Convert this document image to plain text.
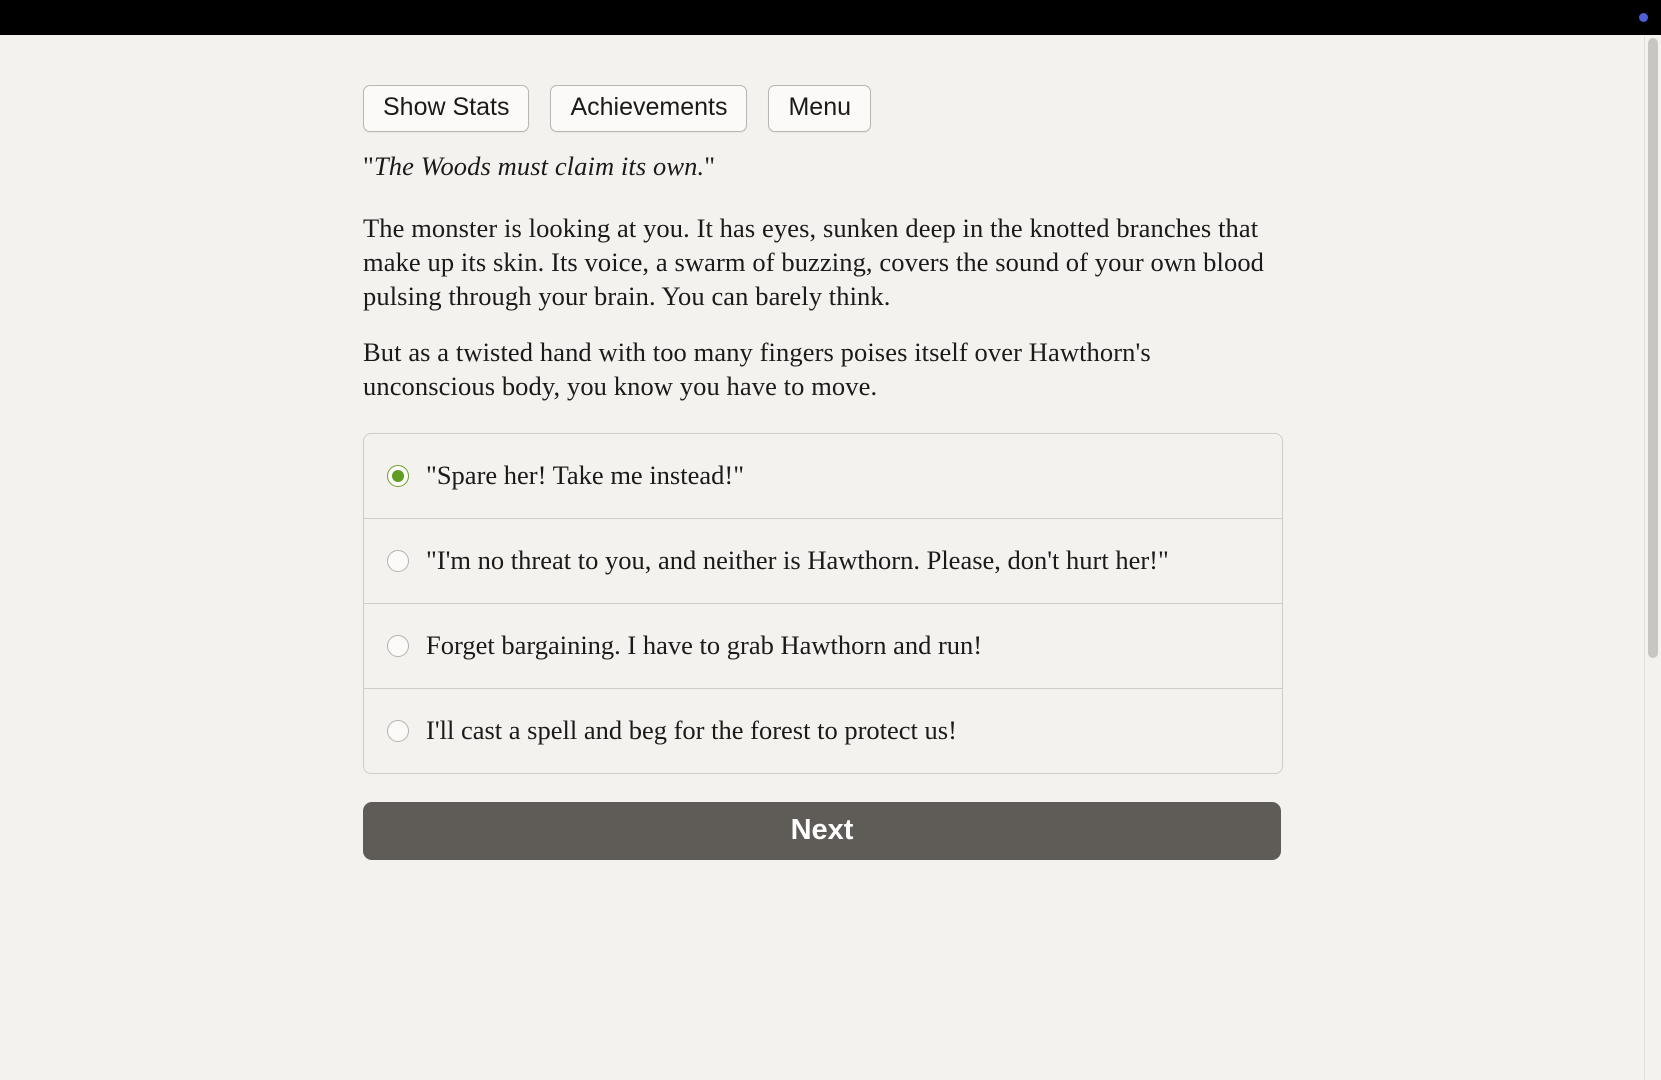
Show Stats	Achievements	Menu

"The Woods must claim its own."

The monster is looking at you. It has eyes, sunken deep in the knotted branches that make up its skin. Its voice, a swarm of buzzing, covers the sound of your own blood pulsing through your brain. You can barely think.

But as a twisted hand with too many fingers poises itself over Hawthorn's unconscious body, you know you have to move.

"Spare her! Take me instead!"
"I'm no threat to you, and neither is Hawthorn. Please, don't hurt her!"
Forget bargaining. I have to grab Hawthorn and run!
I'll cast a spell and beg for the forest to protect us!
Next
